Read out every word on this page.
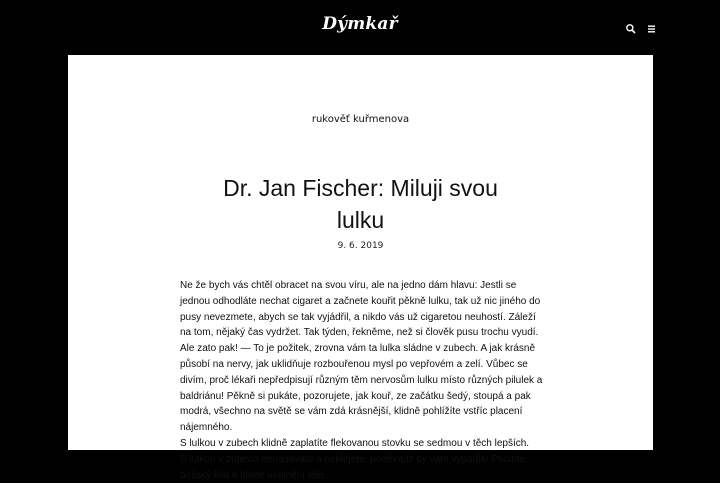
Dýmkař
rukověť kuřmenova
Dr. Jan Fischer: Miluji svou lulku
9. 6. 2019

Ne že bych vás chtěl obracet na svou víru, ale na jedno dám hlavu: Jestli se jednou odhodláte nechat cigaret a začnete kouřit pěkně lulku, tak už nic jiného do pusy nevezmete, abych se tak vyjádřil, a nikdo vás už cigaretou neuhostí. Záleží na tom, nějaký čas vydržet. Tak týden, řekněme, než si člověk pusu trochu vyudí. Ale zato pak! — To je požitek, zrovna vám ta lulka sládne v zubech. A jak krásně působí na nervy, jak uklidňuje rozbouřenou mysl po vepřovém a zelí. Vůbec se divím, proč lékaři nepředpisují různým těm nervosům lulku místo různých pilulek a baldriánu! Pěkně si pukáte, pozorujete, jak kouř, ze začátku šedý, stoupá a pak modrá, všechno na světě se vám zdá krásnější, klidně pohlížíte vstříc placení nájemného.

S lulkou v zubech klidně zaplatíte flekovanou stovku se sedmou v těch lepších.

S lulkou v zubech nenadáváte a neklejete, poněvadž by vám vypadla! Pocítíte božský klid a blahé uvolnění těla.
